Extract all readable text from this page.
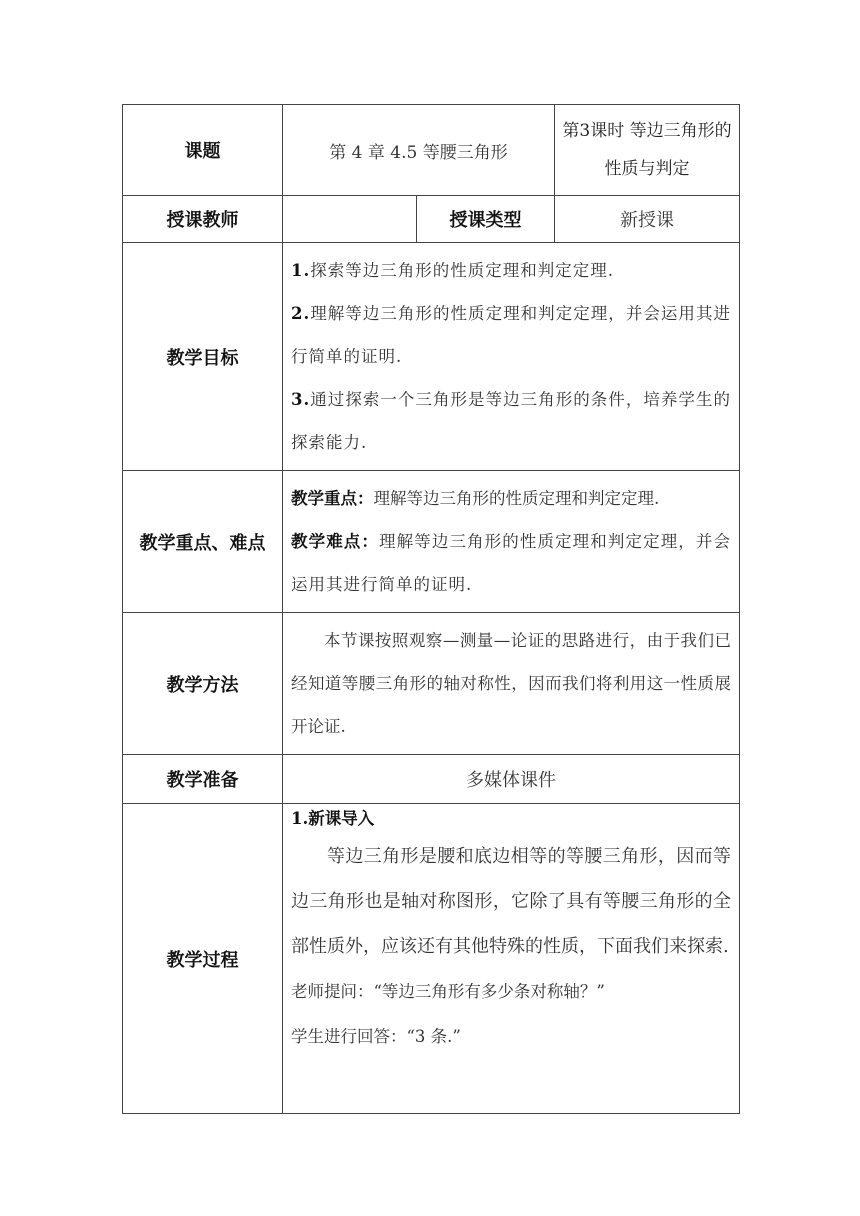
课题	第 4 章 4.5 等腰三角形		第3课时 等边三角形的性质与判定
授课教师		授课类型	新授课
教学目标	1.探索等边三角形的性质定理和判定定理.

2.理解等边三角形的性质定理和判定定理，并会运用其进行简单的证明.

3.通过探索一个三角形是等边三角形的条件，培养学生的探索能力.		

教学重点、难点	教学重点：理解等边三角形的性质定理和判定定理.

教学难点：理解等边三角形的性质定理和判定定理，并会运用其进行简单的证明.		

教学方法	本节课按照观察—测量—论证的思路进行，由于我们已经知道等腰三角形的轴对称性，因而我们将利用这一性质展开论证.		

教学准备	多媒体课件		
教学过程	1.新课导入

等边三角形是腰和底边相等的等腰三角形，因而等边三角形也是轴对称图形，它除了具有等腰三角形的全部性质外，应该还有其他特殊的性质，下面我们来探索.

老师提问：“等边三角形有多少条对称轴？”

学生进行回答：“3 条.”		
